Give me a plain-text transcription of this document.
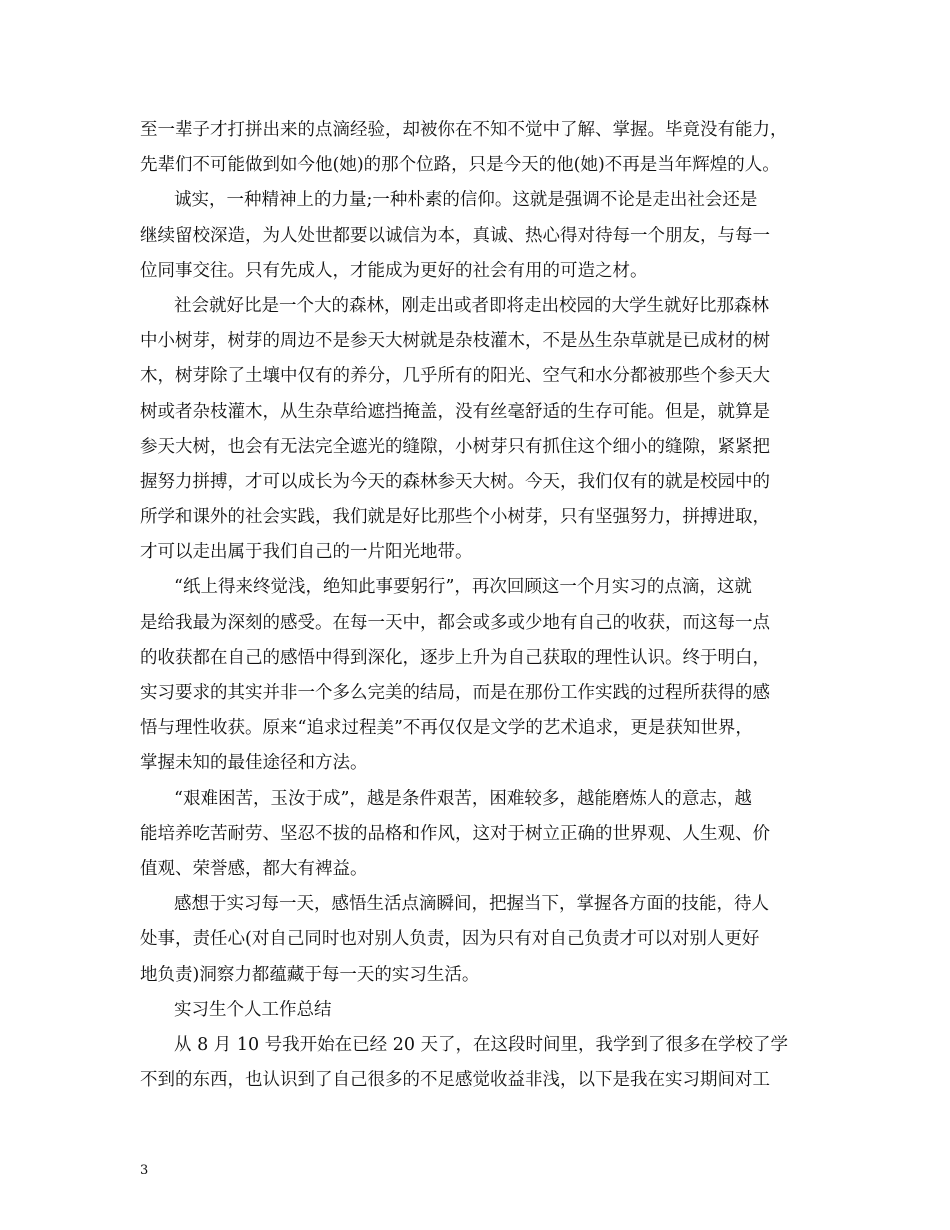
至一辈子才打拼出来的点滴经验，却被你在不知不觉中了解、掌握。毕竟没有能力，
先辈们不可能做到如今他(她)的那个位路，只是今天的他(她)不再是当年辉煌的人。
诚实，一种精神上的力量;一种朴素的信仰。这就是强调不论是走出社会还是
继续留校深造，为人处世都要以诚信为本，真诚、热心得对待每一个朋友，与每一
位同事交往。只有先成人，才能成为更好的社会有用的可造之材。
社会就好比是一个大的森林，刚走出或者即将走出校园的大学生就好比那森林
中小树芽，树芽的周边不是参天大树就是杂枝灌木，不是丛生杂草就是已成材的树
木，树芽除了土壤中仅有的养分，几乎所有的阳光、空气和水分都被那些个参天大
树或者杂枝灌木，从生杂草给遮挡掩盖，没有丝毫舒适的生存可能。但是，就算是
参天大树，也会有无法完全遮光的缝隙，小树芽只有抓住这个细小的缝隙，紧紧把
握努力拼搏，才可以成长为今天的森林参天大树。今天，我们仅有的就是校园中的
所学和课外的社会实践，我们就是好比那些个小树芽，只有坚强努力，拼搏进取，
才可以走出属于我们自己的一片阳光地带。
“纸上得来终觉浅，绝知此事要躬行”，再次回顾这一个月实习的点滴，这就
是给我最为深刻的感受。在每一天中，都会或多或少地有自己的收获，而这每一点
的收获都在自己的感悟中得到深化，逐步上升为自己获取的理性认识。终于明白，
实习要求的其实并非一个多么完美的结局，而是在那份工作实践的过程所获得的感
悟与理性收获。原来“追求过程美”不再仅仅是文学的艺术追求，更是获知世界，
掌握未知的最佳途径和方法。
“艰难困苦，玉汝于成”，越是条件艰苦，困难较多，越能磨炼人的意志，越
能培养吃苦耐劳、坚忍不拔的品格和作风，这对于树立正确的世界观、人生观、价
值观、荣誉感，都大有裨益。
感想于实习每一天，感悟生活点滴瞬间，把握当下，掌握各方面的技能，待人
处事，责任心(对自己同时也对别人负责，因为只有对自己负责才可以对别人更好
地负责)洞察力都蕴藏于每一天的实习生活。
实习生个人工作总结
从 8 月 10 号我开始在已经 20 天了，在这段时间里，我学到了很多在学校了学
不到的东西，也认识到了自己很多的不足感觉收益非浅，以下是我在实习期间对工
3
